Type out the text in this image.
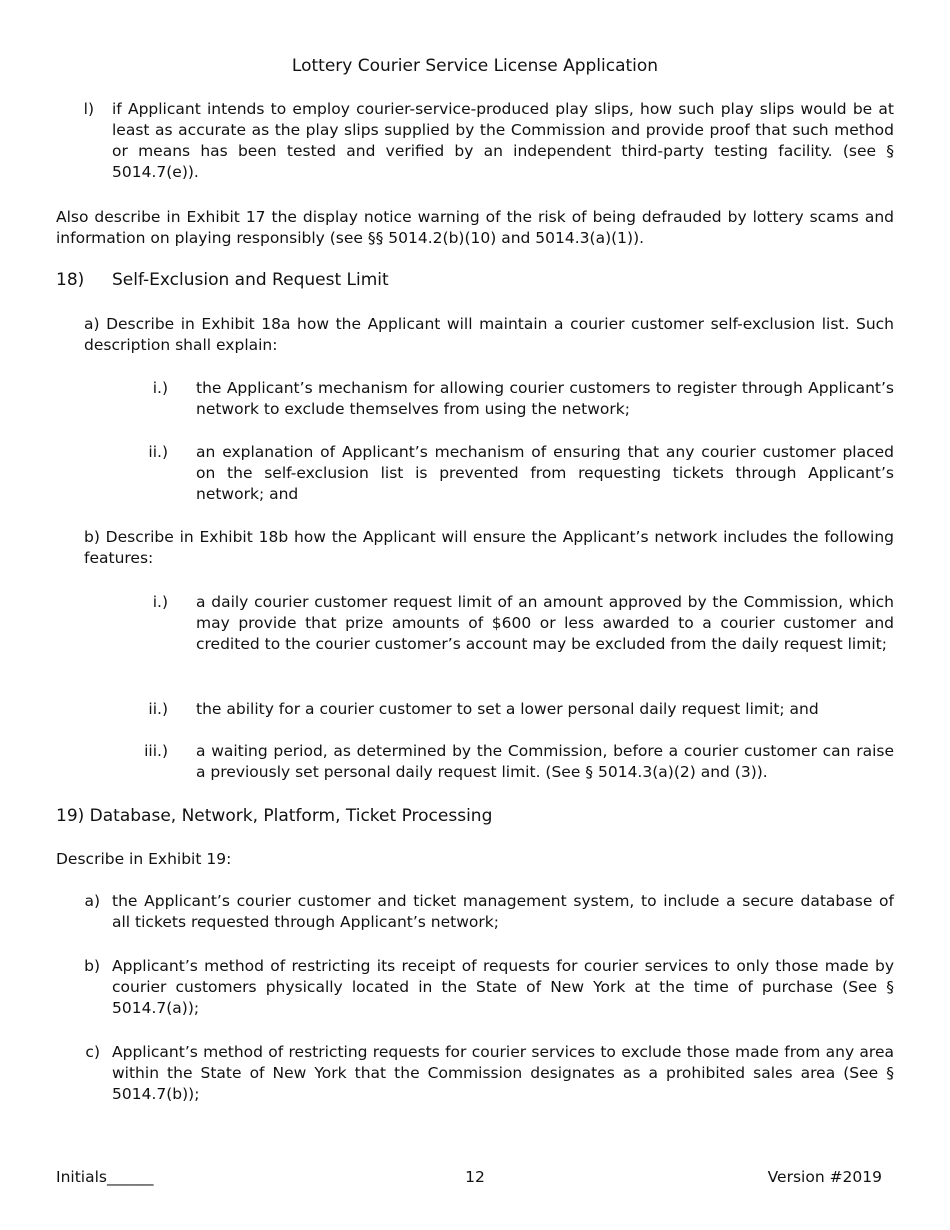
Lottery Courier Service License Application
l) if Applicant intends to employ courier-service-produced play slips, how such play slips would be at least as accurate as the play slips supplied by the Commission and provide proof that such method or means has been tested and verified by an independent third-party testing facility. (see § 5014.7(e)).

Also describe in Exhibit 17 the display notice warning of the risk of being defrauded by lottery scams and information on playing responsibly (see §§ 5014.2(b)(10) and 5014.3(a)(1)).

18) Self-Exclusion and Request Limit

a) Describe in Exhibit 18a how the Applicant will maintain a courier customer self-exclusion list. Such description shall explain:

i.) the Applicant’s mechanism for allowing courier customers to register through Applicant’s network to exclude themselves from using the network;

ii.) an explanation of Applicant’s mechanism of ensuring that any courier customer placed on the self-exclusion list is prevented from requesting tickets through Applicant’s network; and

b) Describe in Exhibit 18b how the Applicant will ensure the Applicant’s network includes the following features:

i.) a daily courier customer request limit of an amount approved by the Commission, which may provide that prize amounts of $600 or less awarded to a courier customer and credited to the courier customer’s account may be excluded from the daily request limit;

ii.) the ability for a courier customer to set a lower personal daily request limit; and

iii.) a waiting period, as determined by the Commission, before a courier customer can raise a previously set personal daily request limit. (See § 5014.3(a)(2) and (3)).

19) Database, Network, Platform, Ticket Processing

Describe in Exhibit 19:

a) the Applicant’s courier customer and ticket management system, to include a secure database of all tickets requested through Applicant’s network;

b) Applicant’s method of restricting its receipt of requests for courier services to only those made by courier customers physically located in the State of New York at the time of purchase (See § 5014.7(a));

c) Applicant’s method of restricting requests for courier services to exclude those made from any area within the State of New York that the Commission designates as a prohibited sales area (See § 5014.7(b));

Initials______	12	Version #2019
